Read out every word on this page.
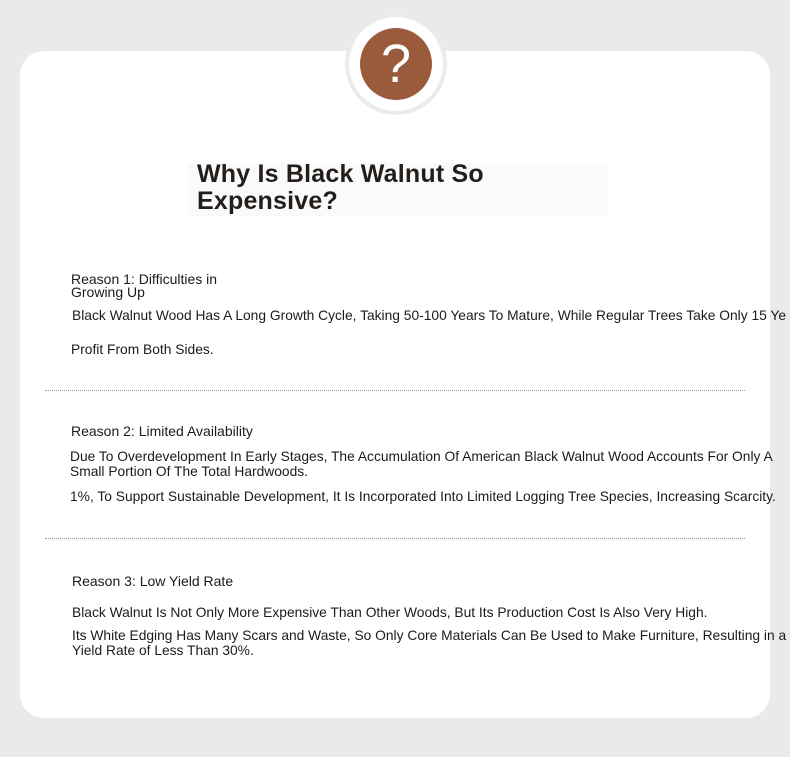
?
Why Is Black Walnut So Expensive?
Reason 1: Difficulties in Growing Up
Black Walnut Wood Has A Long Growth Cycle, Taking 50-100 Years To Mature, While Regular Trees Take Only 15 Ye
Profit From Both Sides.
Reason 2: Limited Availability
Due To Overdevelopment In Early Stages, The Accumulation Of American Black Walnut Wood Accounts For Only A Small Portion Of The Total Hardwoods.
1%, To Support Sustainable Development, It Is Incorporated Into Limited Logging Tree Species, Increasing Scarcity.
Reason 3: Low Yield Rate
Black Walnut Is Not Only More Expensive Than Other Woods, But Its Production Cost Is Also Very High.
Its White Edging Has Many Scars and Waste, So Only Core Materials Can Be Used to Make Furniture, Resulting in a Yield Rate of Less Than 30%.
